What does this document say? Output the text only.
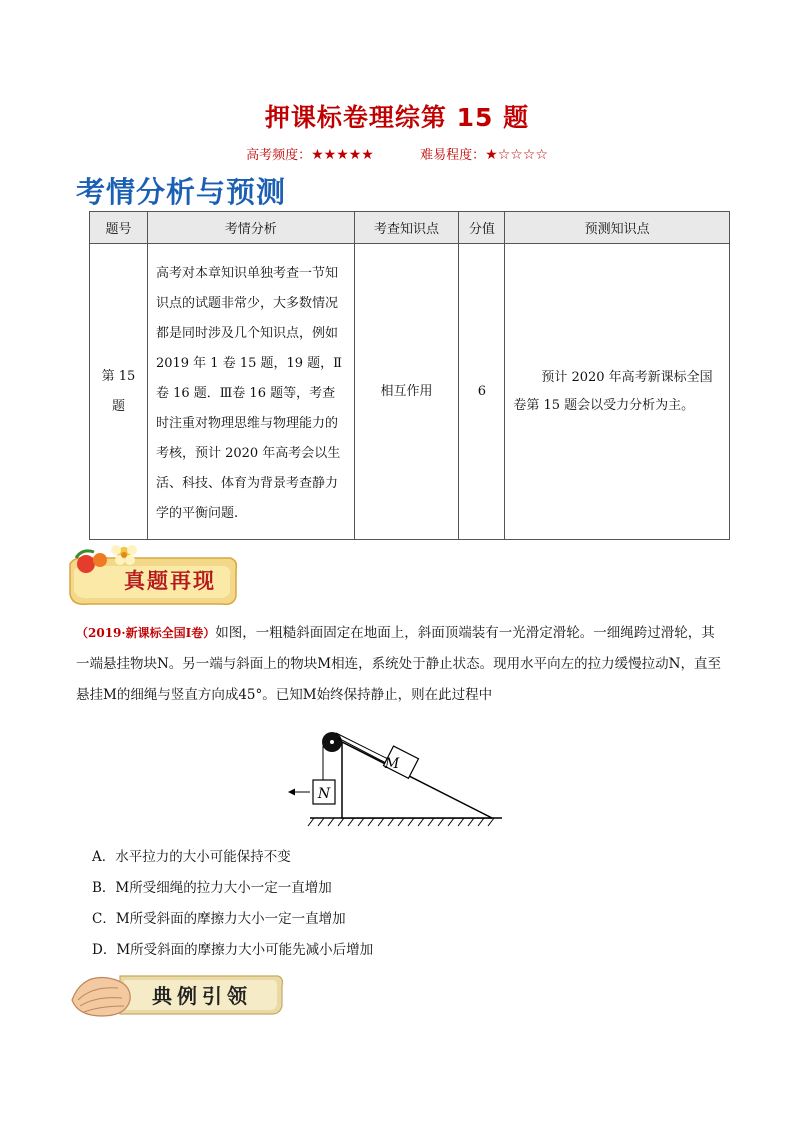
押课标卷理综第 15 题
高考频度：★★★★★	难易程度：★☆☆☆☆
考情分析与预测
题号	考情分析	考查知识点	分值	预测知识点
第 15 题	高考对本章知识单独考查一节知识点的试题非常少，大多数情况都是同时涉及几个知识点，例如 2019 年 1 卷 15 题，19 题，Ⅱ卷 16 题．Ⅲ卷 16 题等，考查时注重对物理思维与物理能力的考核，预计 2020 年高考会以生活、科技、体育为背景考查静力学的平衡问题.	相互作用	6	预计 2020 年高考新课标全国卷第 15 题会以受力分析为主。
真题再现
（2019·新课标全国Ⅰ卷）如图，一粗糙斜面固定在地面上，斜面顶端装有一光滑定滑轮。一细绳跨过滑轮，其一端悬挂物块N。另一端与斜面上的物块M相连，系统处于静止状态。现用水平向左的拉力缓慢拉动N，直至悬挂M的细绳与竖直方向成45°。已知M始终保持静止，则在此过程中
N
M
A．水平拉力的大小可能保持不变
B．M所受细绳的拉力大小一定一直增加
C．M所受斜面的摩擦力大小一定一直增加
D．M所受斜面的摩擦力大小可能先减小后增加
典例引领
